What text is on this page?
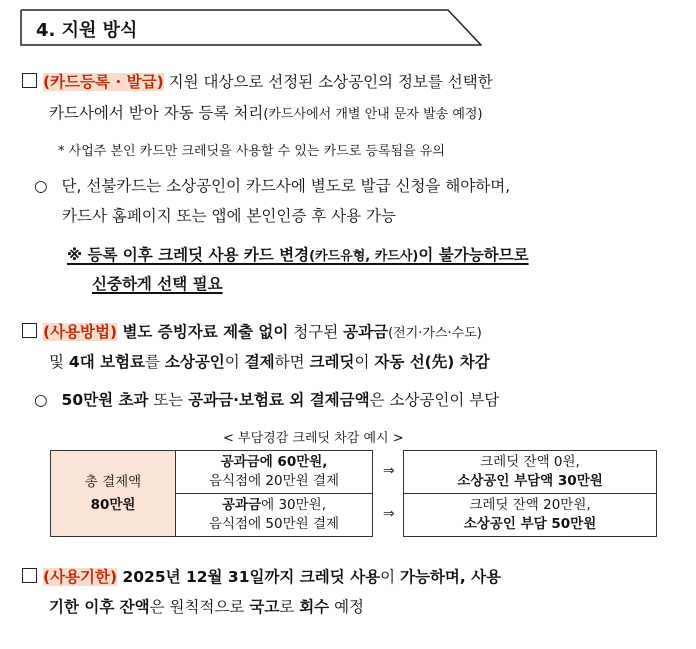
4. 지원 방식
(카드등록 · 발급) 지원 대상으로 선정된 소상공인의 정보를 선택한
카드사에서 받아 자동 등록 처리(카드사에서 개별 안내 문자 발송 예정)
* 사업주 본인 카드만 크레딧을 사용할 수 있는 카드로 등록됨을 유의
○ 단, 선불카드는 소상공인이 카드사에 별도로 발급 신청을 해야하며,
카드사 홈페이지 또는 앱에 본인인증 후 사용 가능
※ 등록 이후 크레딧 사용 카드 변경(카드유형, 카드사)이 불가능하므로
신중하게 선택 필요
(사용방법) 별도 증빙자료 제출 없이 청구된 공과금(전기·가스·수도)
및 4대 보험료를 소상공인이 결제하면 크레딧이 자동 선(先) 차감
○ 50만원 초과 또는 공과금·보험료 외 결제금액은 소상공인이 부담
< 부담경감 크레딧 차감 예시 >
총 결제액
80만원
공과금에 60만원,
음식점에 20만원 결제
공과금에 30만원,
음식점에 50만원 결제
⇒
⇒
크레딧 잔액 0원,
소상공인 부담액 30만원
크레딧 잔액 20만원,
소상공인 부담 50만원
(사용기한) 2025년 12월 31일까지 크레딧 사용이 가능하며, 사용
기한 이후 잔액은 원칙적으로 국고로 회수 예정
